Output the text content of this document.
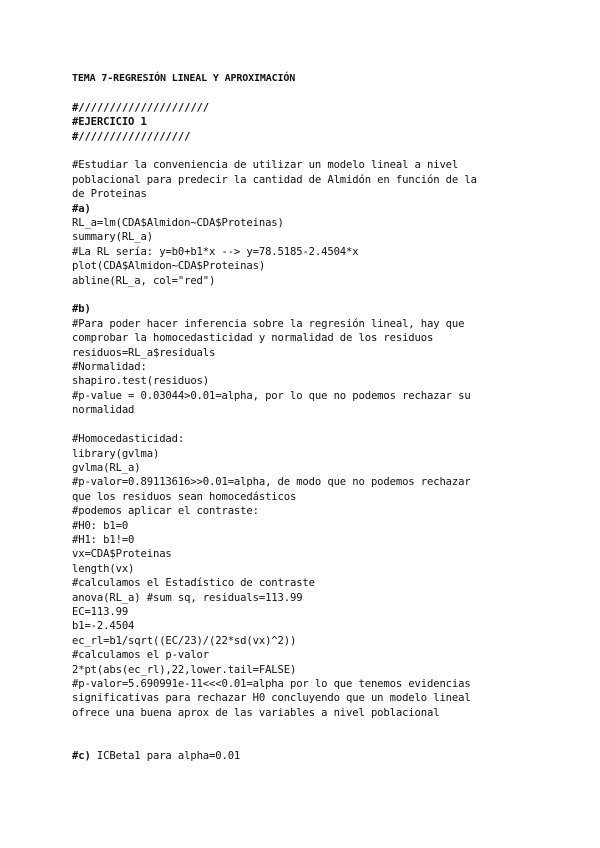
TEMA 7-REGRESIÓN LINEAL Y APROXIMACIÓN
#/////////////////////
#EJERCICIO 1
#//////////////////
#Estudiar la conveniencia de utilizar un modelo lineal a nivel
poblacional para predecir la cantidad de Almidón en función de la
de Proteinas
#a)
RL_a=lm(CDA$Almidon~CDA$Proteinas)
summary(RL_a)
#La RL sería: y=b0+b1*x --> y=78.5185-2.4504*x
plot(CDA$Almidon~CDA$Proteinas)
abline(RL_a, col="red")
#b)
#Para poder hacer inferencia sobre la regresión lineal, hay que
comprobar la homocedasticidad y normalidad de los residuos
residuos=RL_a$residuals
#Normalidad:
shapiro.test(residuos)
#p-value = 0.03044>0.01=alpha, por lo que no podemos rechazar su
normalidad
#Homocedasticidad:
library(gvlma)
gvlma(RL_a)
#p-valor=0.89113616>>0.01=alpha, de modo que no podemos rechazar
que los residuos sean homocedásticos
#podemos aplicar el contraste:
#H0: b1=0
#H1: b1!=0
vx=CDA$Proteinas
length(vx)
#calculamos el Estadístico de contraste
anova(RL_a) #sum sq, residuals=113.99
EC=113.99
b1=-2.4504
ec_rl=b1/sqrt((EC/23)/(22*sd(vx)^2))
#calculamos el p-valor
2*pt(abs(ec_rl),22,lower.tail=FALSE)
#p-valor=5.690991e-11<<<0.01=alpha por lo que tenemos evidencias
significativas para rechazar H0 concluyendo que un modelo lineal
ofrece una buena aprox de las variables a nivel poblacional
#c) ICBeta1 para alpha=0.01
